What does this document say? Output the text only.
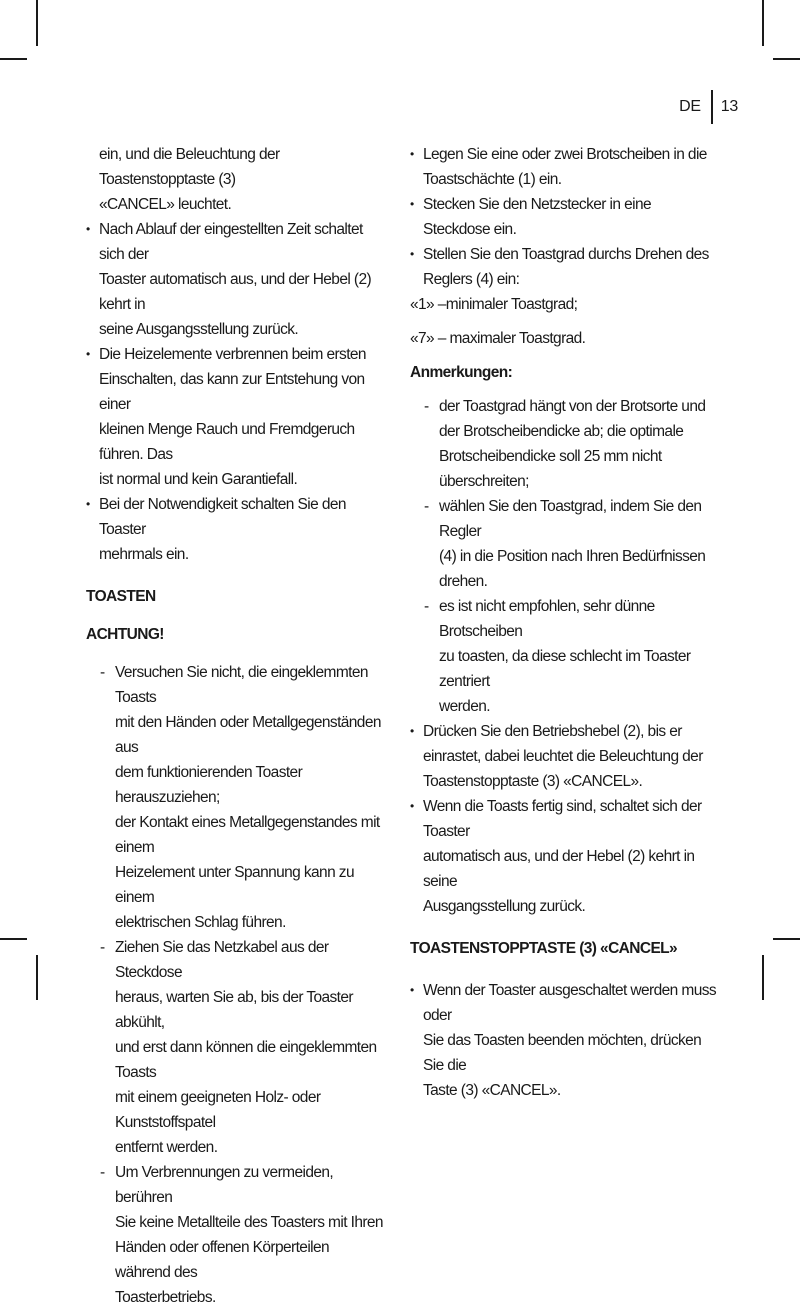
DE 13
ein, und die Beleuchtung der Toastenstopptaste (3)
«CANCEL» leuchtet.
• Nach Ablauf der eingestellten Zeit schaltet sich der
Toaster automatisch aus, und der Hebel (2) kehrt in
seine Ausgangsstellung zurück.
• Die Heizelemente verbrennen beim ersten
Einschalten, das kann zur Entstehung von einer
kleinen Menge Rauch und Fremdgeruch führen. Das
ist normal und kein Garantiefall.
• Bei der Notwendigkeit schalten Sie den Toaster
mehrmals ein.
TOASTEN
ACHTUNG!
- Versuchen Sie nicht, die eingeklemmten Toasts
mit den Händen oder Metallgegenständen aus
dem funktionierenden Toaster herauszuziehen;
der Kontakt eines Metallgegenstandes mit einem
Heizelement unter Spannung kann zu einem
elektrischen Schlag führen.
- Ziehen Sie das Netzkabel aus der Steckdose
heraus, warten Sie ab, bis der Toaster abkühlt,
und erst dann können die eingeklemmten Toasts
mit einem geeigneten Holz- oder Kunststoffspatel
entfernt werden.
- Um Verbrennungen zu vermeiden, berühren
Sie keine Metallteile des Toasters mit Ihren
Händen oder offenen Körperteilen während des
Toasterbetriebs.
• Legen Sie eine oder zwei Brotscheiben in die
Toastschächte (1) ein.
• Stecken Sie den Netzstecker in eine Steckdose ein.
• Stellen Sie den Toastgrad durchs Drehen des
Reglers (4) ein:
«1» –minimaler Toastgrad;
«7» – maximaler Toastgrad.
Anmerkungen:
- der Toastgrad hängt von der Brotsorte und
der Brotscheibendicke ab; die optimale
Brotscheibendicke soll 25 mm nicht überschreiten;
- wählen Sie den Toastgrad, indem Sie den Regler
(4) in die Position nach Ihren Bedürfnissen drehen.
- es ist nicht empfohlen, sehr dünne Brotscheiben
zu toasten, da diese schlecht im Toaster zentriert
werden.
• Drücken Sie den Betriebshebel (2), bis er
einrastet, dabei leuchtet die Beleuchtung der
Toastenstopptaste (3) «CANCEL».
• Wenn die Toasts fertig sind, schaltet sich der Toaster
automatisch aus, und der Hebel (2) kehrt in seine
Ausgangsstellung zurück.
TOASTENSTOPPTASTE (3) «CANCEL»
• Wenn der Toaster ausgeschaltet werden muss oder
Sie das Toasten beenden möchten, drücken Sie die
Taste (3) «CANCEL».
